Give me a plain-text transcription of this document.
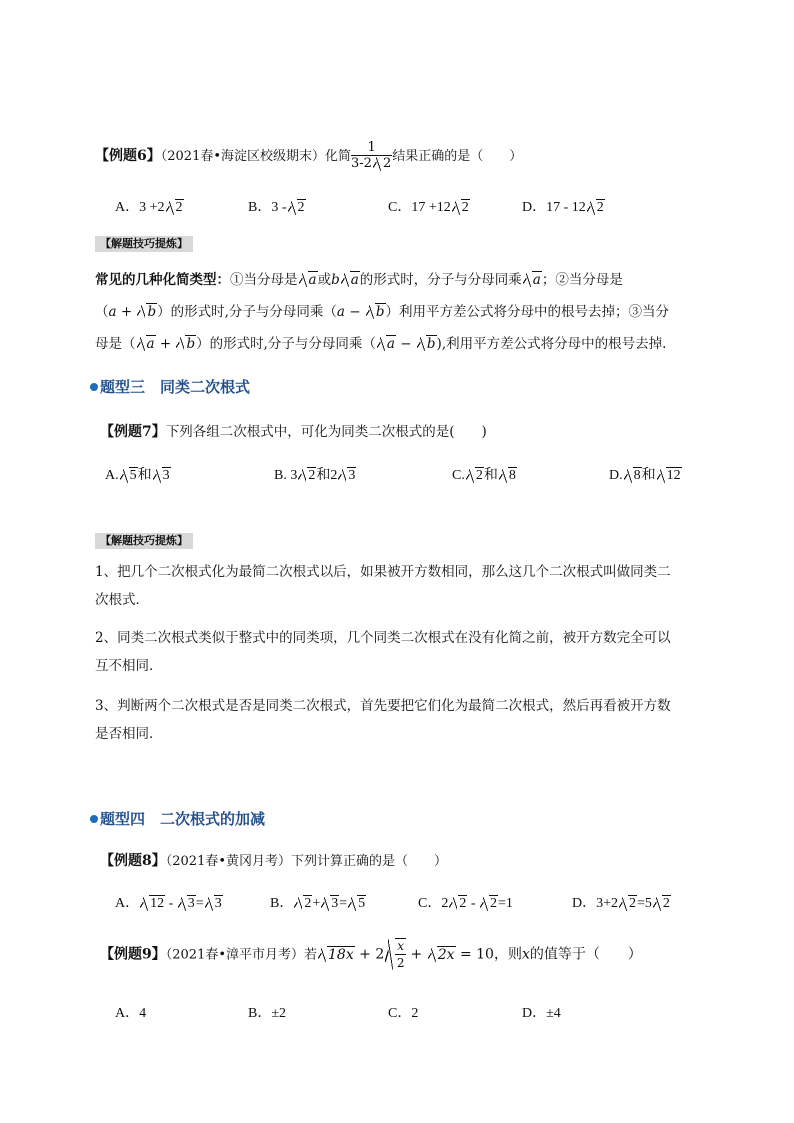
【例题6】（2021春•海淀区校级期末）化简 $\frac{1}{3-2 2}$ 结果正确的是（　　）
A．3 +2 2	B．3 - 2	C．17 +12 2	D．17 - 12 2
【解题技巧提炼】
常见的几种化简类型：①当分母是 a或b a的形式时，分子与分母同乘 a；②当分母是
（a + b）的形式时,分子与分母同乘（a − b）利用平方差公式将分母中的根号去掉；③当分
母是（ a + b）的形式时,分子与分母同乘（ a − b),利用平方差公式将分母中的根号去掉.
题型三　同类二次根式
【例题7】下列各组二次根式中，可化为同类二次根式的是(　　)
A. 5和 3	B. 3 2和2 3	C. 2和 8	D. 8和 12
【解题技巧提炼】
1、把几个二次根式化为最简二次根式以后，如果被开方数相同，那么这几个二次根式叫做同类二
次根式．
2、同类二次根式类似于整式中的同类项，几个同类二次根式在没有化简之前，被开方数完全可以
互不相同．
3、判断两个二次根式是否是同类二次根式，首先要把它们化为最简二次根式，然后再看被开方数
是否相同．
题型四　二次根式的加减
【例题8】（2021春•黄冈月考）下列计算正确的是（　　）
A． 12 - 3= 3	B． 2+ 3= 5	C．2 2 - 2=1	D．3+2 2=5 2
【例题9】（2021春•漳平市月考）若 $18x + 2 \frac{x}{2} + 2x = 10$，则x的值等于（　　）
A．4	B．±2	C．2	D．±4
